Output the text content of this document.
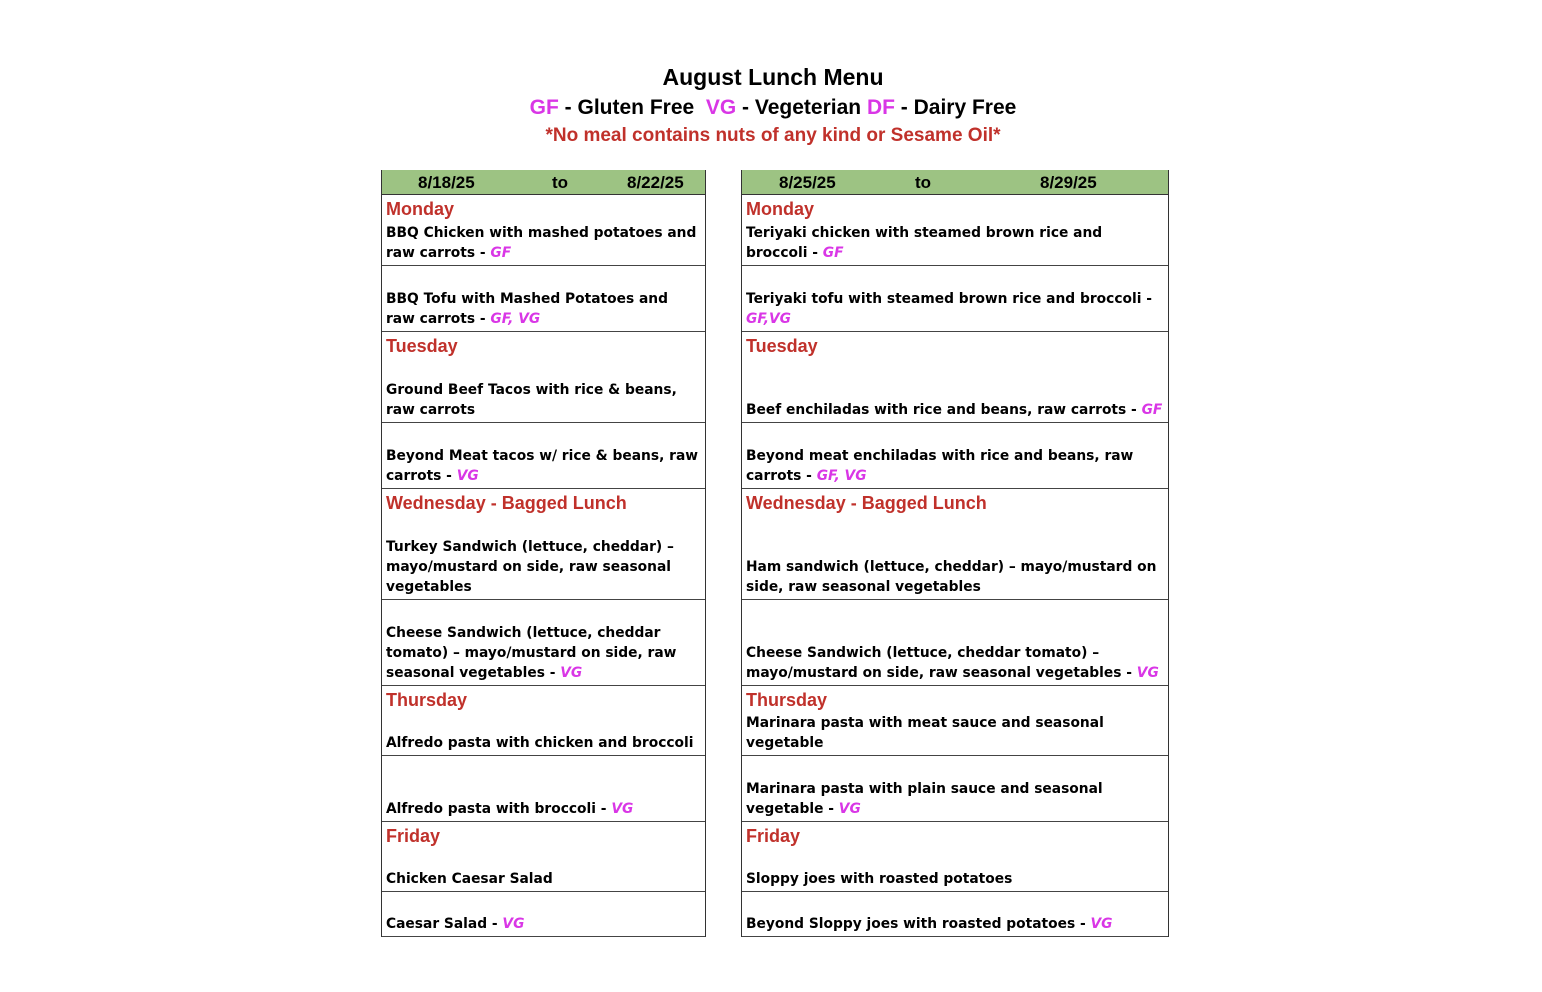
August Lunch Menu
GF - Gluten Free  VG - Vegeterian DF - Dairy Free
*No meal contains nuts of any kind or Sesame Oil*
8/18/25	to	8/22/25
Monday
BBQ Chicken with mashed potatoes and raw carrots - GF
BBQ Tofu with Mashed Potatoes and raw carrots - GF, VG
Tuesday
Ground Beef Tacos with rice & beans, raw carrots
Beyond Meat tacos w/ rice & beans, raw carrots - VG
Wednesday - Bagged Lunch
Turkey Sandwich (lettuce, cheddar) – mayo/mustard on side, raw seasonal vegetables
Cheese Sandwich (lettuce, cheddar tomato) – mayo/mustard on side, raw seasonal vegetables - VG
Thursday
Alfredo pasta with chicken and broccoli
Alfredo pasta with broccoli - VG
Friday
Chicken Caesar Salad
Caesar Salad - VG
8/25/25	to	8/29/25
Monday
Teriyaki chicken with steamed brown rice and broccoli - GF
Teriyaki tofu with steamed brown rice and broccoli - GF,VG
Tuesday
Beef enchiladas with rice and beans, raw carrots - GF
Beyond meat enchiladas with rice and beans, raw carrots - GF, VG
Wednesday - Bagged Lunch
Ham sandwich (lettuce, cheddar) – mayo/mustard on side, raw seasonal vegetables
Cheese Sandwich (lettuce, cheddar tomato) – mayo/mustard on side, raw seasonal vegetables - VG
Thursday
Marinara pasta with meat sauce and seasonal vegetable
Marinara pasta with plain sauce and seasonal vegetable - VG
Friday
Sloppy joes with roasted potatoes
Beyond Sloppy joes with roasted potatoes - VG
